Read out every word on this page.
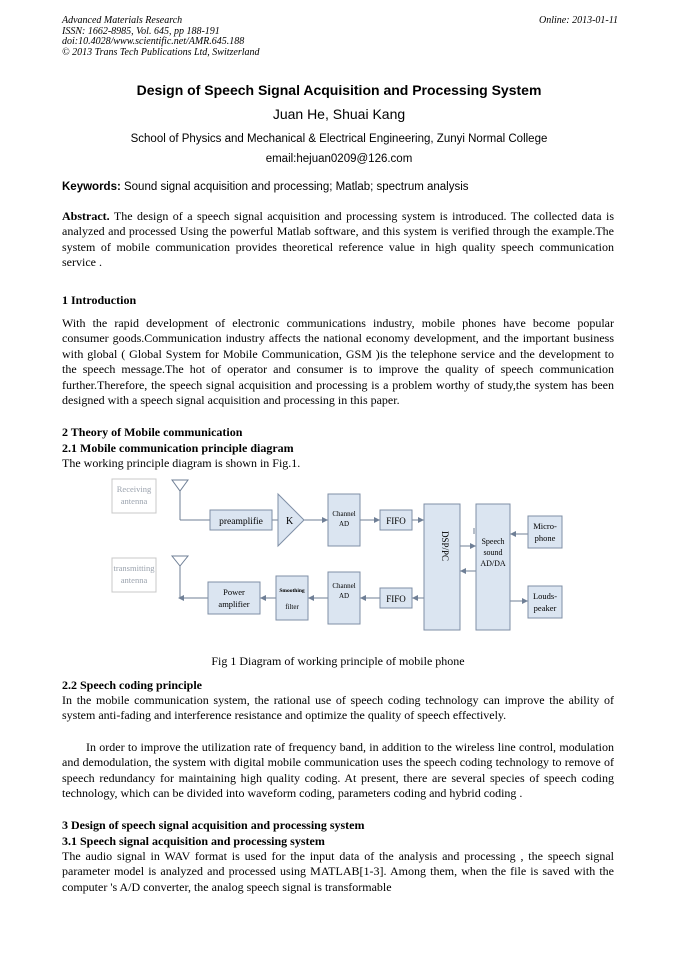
Advanced Materials Research
ISSN: 1662-8985, Vol. 645, pp 188-191
doi:10.4028/www.scientific.net/AMR.645.188
© 2013 Trans Tech Publications Ltd, Switzerland
Online: 2013-01-11
Design of Speech Signal Acquisition and Processing System
Juan He, Shuai Kang
School of Physics and Mechanical & Electrical Engineering, Zunyi Normal College
email:hejuan0209@126.com
Keywords: Sound signal acquisition and processing; Matlab; spectrum analysis
Abstract. The design of a speech signal acquisition and processing system is introduced. The collected data is analyzed and processed Using the powerful Matlab software, and this system is verified through the example.The system of mobile communication provides theoretical reference value in high quality speech communication service .
1 Introduction
With the rapid development of electronic communications industry, mobile phones have become popular consumer goods.Communication industry affects the national economy development, and the important business with global ( Global System for Mobile Communication, GSM )is the telephone service and the development to the speech message.The hot of operator and consumer is to improve the quality of speech communication further.Therefore, the speech signal acquisition and processing is a problem worthy of study,the system has been designed with a speech signal acquisition and processing in this paper.
2 Theory of Mobile communication
2.1 Mobile communication principle diagram
The working principle diagram is shown in Fig.1.
Receiving
antenna
transmitting
antenna
preamplifie K
Channel
AD	FIFO
DSP/PC	Speech
sound
AD/DA
Micro-
phone
Power
amplifier
Smoothing
filter
Channel
AD	FIFO	Louds-
peaker
Fig 1 Diagram of working principle of mobile phone
2.2 Speech coding principle
In the mobile communication system, the rational use of speech coding technology can improve the ability of system anti-fading and interference resistance and optimize the quality of speech effectively.
In order to improve the utilization rate of frequency band, in addition to the wireless line control, modulation and demodulation, the system with digital mobile communication uses the speech coding technology to remove of speech redundancy for maintaining high quality coding. At present, there are several species of speech coding technology, which can be divided into waveform coding, parameters coding and hybrid coding .
3 Design of speech signal acquisition and processing system
3.1 Speech signal acquisition and processing system
The audio signal in WAV format is used for the input data of the analysis and processing , the speech signal parameter model is analyzed and processed using MATLAB[1-3]. Among them, when the file is saved with the computer 's A/D converter, the analog speech signal is transformable
